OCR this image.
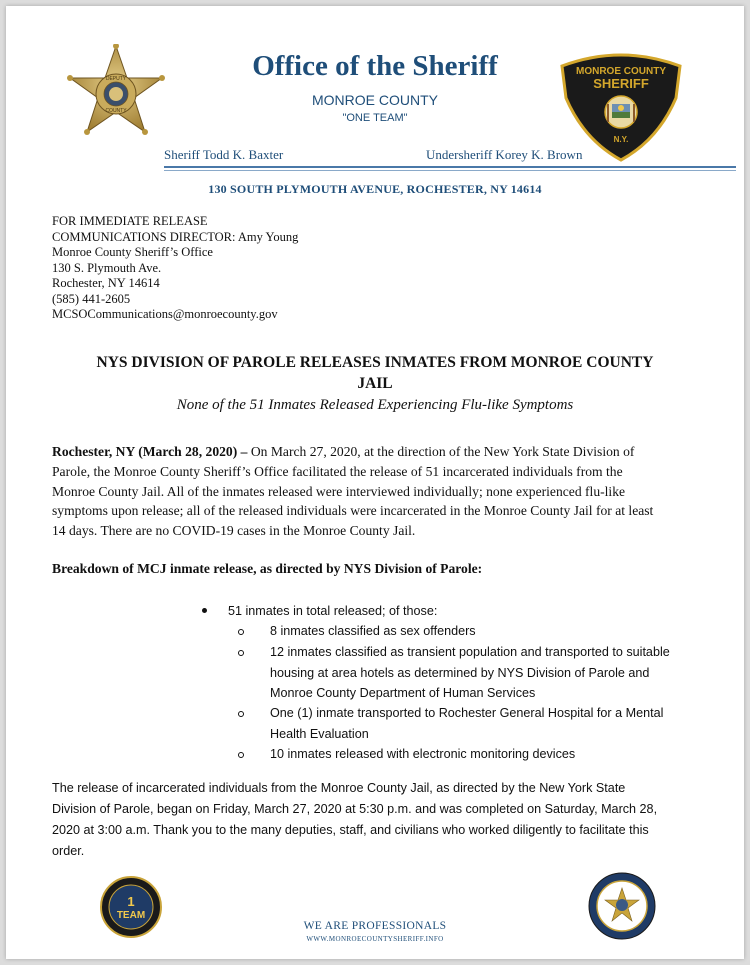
DEPUTY
COUNTY
Office of the Sheriff
MONROE COUNTY
"ONE TEAM"
MONROE COUNTY
SHERIFF
N.Y.
Sheriff Todd K. Baxter	Undersheriff Korey K. Brown
130 SOUTH PLYMOUTH AVENUE, ROCHESTER, NY 14614
FOR IMMEDIATE RELEASE
COMMUNICATIONS DIRECTOR: Amy Young
Monroe County Sheriff’s Office
130 S. Plymouth Ave.
Rochester, NY 14614
(585) 441-2605
MCSOCommunications@monroecounty.gov
NYS DIVISION OF PAROLE RELEASES INMATES FROM MONROE COUNTY
JAIL
None of the 51 Inmates Released Experiencing Flu-like Symptoms
Rochester, NY (March 28, 2020) – On March 27, 2020, at the direction of the New York State Division of
Parole, the Monroe County Sheriff’s Office facilitated the release of 51 incarcerated individuals from the
Monroe County Jail. All of the inmates released were interviewed individually; none experienced flu-like
symptoms upon release; all of the released individuals were incarcerated in the Monroe County Jail for at least
14 days. There are no COVID-19 cases in the Monroe County Jail.
Breakdown of MCJ inmate release, as directed by NYS Division of Parole:
51 inmates in total released; of those:
8 inmates classified as sex offenders
12 inmates classified as transient population and transported to suitable
housing at area hotels as determined by NYS Division of Parole and
Monroe County Department of Human Services
One (1) inmate transported to Rochester General Hospital for a Mental
Health Evaluation
10 inmates released with electronic monitoring devices
The release of incarcerated individuals from the Monroe County Jail, as directed by the New York State
Division of Parole, began on Friday, March 27, 2020 at 5:30 p.m. and was completed on Saturday, March 28,
2020 at 3:00 a.m. Thank you to the many deputies, staff, and civilians who worked diligently to facilitate this
order.
1
TEAM
WE ARE PROFESSIONALS
WWW.MONROECOUNTYSHERIFF.INFO
